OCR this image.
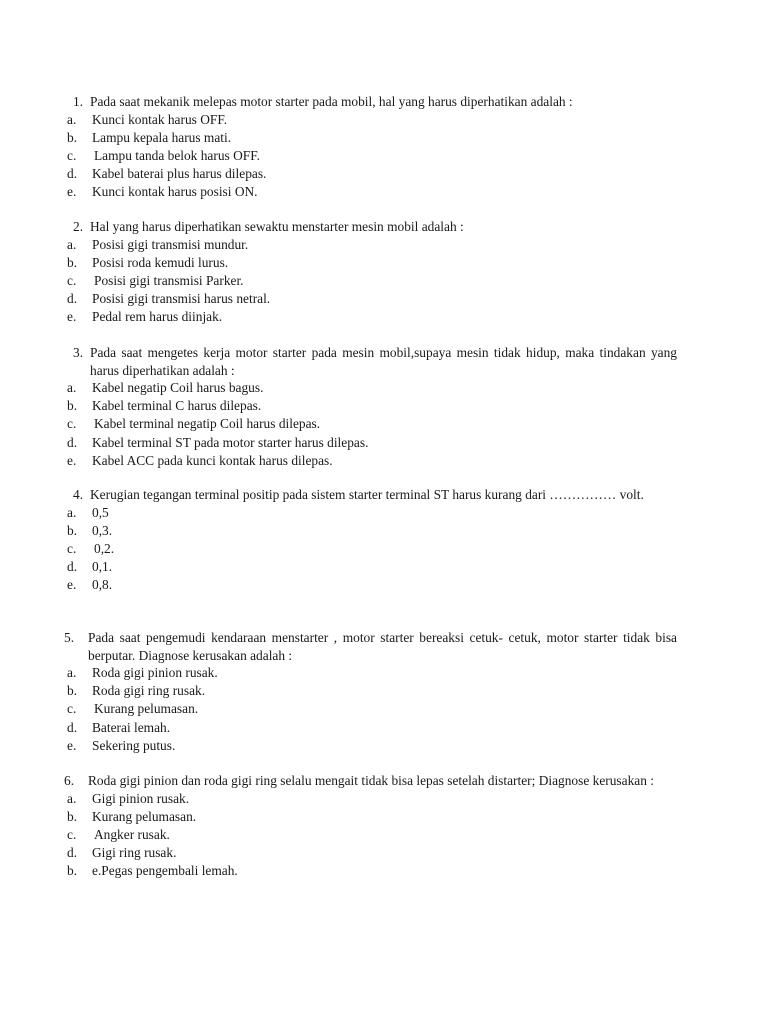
1. Pada saat mekanik melepas motor starter pada mobil, hal yang harus diperhatikan adalah :
a. Kunci kontak harus OFF.
b. Lampu kepala harus mati.
c. Lampu tanda belok harus OFF.
d. Kabel baterai plus harus dilepas.
e. Kunci kontak harus posisi ON.
2. Hal yang harus diperhatikan sewaktu menstarter mesin mobil adalah :
a. Posisi gigi transmisi mundur.
b. Posisi roda kemudi lurus.
c. Posisi gigi transmisi Parker.
d. Posisi gigi transmisi harus netral.
e. Pedal rem harus diinjak.
3. Pada saat mengetes kerja motor starter pada mesin mobil,supaya mesin tidak hidup, maka tindakan yang harus diperhatikan adalah :
a. Kabel negatip Coil harus bagus.
b. Kabel terminal C harus dilepas.
c. Kabel terminal negatip Coil harus dilepas.
d. Kabel terminal ST pada motor starter harus dilepas.
e. Kabel ACC pada kunci kontak harus dilepas.
4. Kerugian tegangan terminal positip pada sistem starter terminal ST harus kurang dari …………… volt.
a. 0,5
b. 0,3.
c. 0,2.
d. 0,1.
e. 0,8.
5. Pada saat pengemudi kendaraan menstarter , motor starter bereaksi cetuk- cetuk, motor starter tidak bisa berputar. Diagnose kerusakan adalah :
a. Roda gigi pinion rusak.
b. Roda gigi ring rusak.
c. Kurang pelumasan.
d. Baterai lemah.
e. Sekering putus.
6. Roda gigi pinion dan roda gigi ring selalu mengait tidak bisa lepas setelah distarter; Diagnose kerusakan :
a. Gigi pinion rusak.
b. Kurang pelumasan.
c. Angker rusak.
d. Gigi ring rusak.
b. e.Pegas pengembali lemah.
